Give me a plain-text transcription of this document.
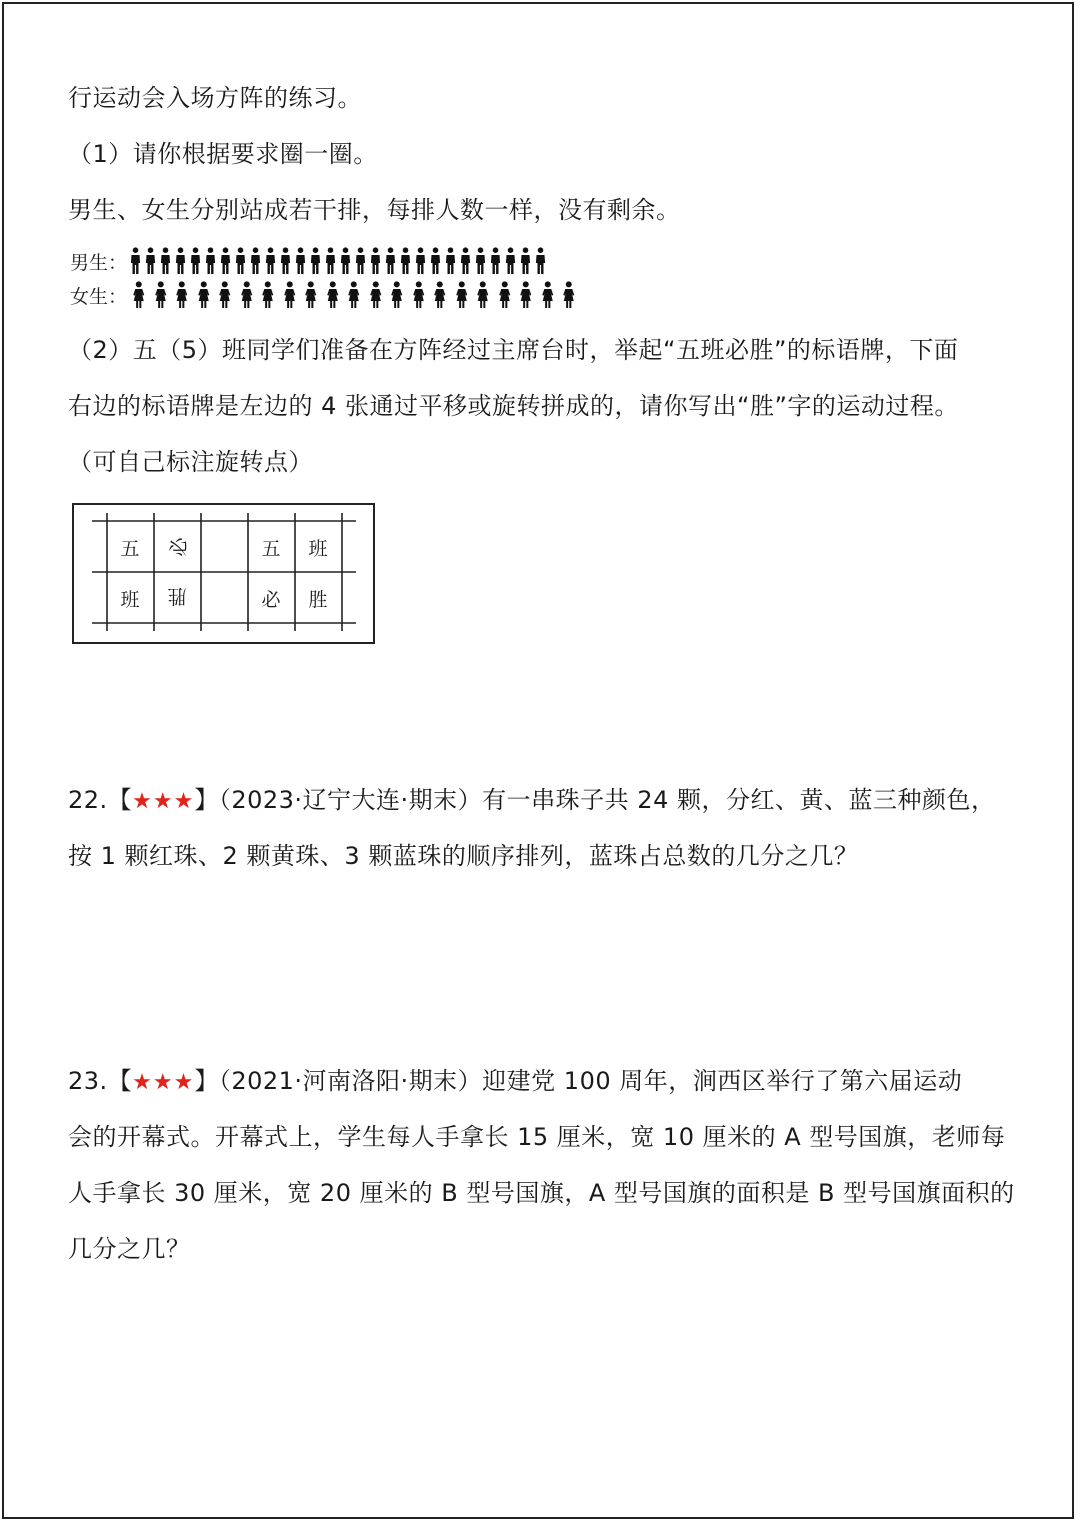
行运动会入场方阵的练习。
（1）请你根据要求圈一圈。
男生、女生分别站成若干排，每排人数一样，没有剩余。
男生：
女生：
（2）五（5）班同学们准备在方阵经过主席台时，举起“五班必胜”的标语牌，下面
右边的标语牌是左边的 4 张通过平移或旋转拼成的，请你写出“胜”字的运动过程。
（可自己标注旋转点）
五	必
班	胜
五	班
必	胜
22.【★★★】（2023·辽宁大连·期末）有一串珠子共 24 颗，分红、黄、蓝三种颜色，
按 1 颗红珠、2 颗黄珠、3 颗蓝珠的顺序排列，蓝珠占总数的几分之几？
23.【★★★】（2021·河南洛阳·期末）迎建党 100 周年，涧西区举行了第六届运动
会的开幕式。开幕式上，学生每人手拿长 15 厘米，宽 10 厘米的 A 型号国旗，老师每
人手拿长 30 厘米，宽 20 厘米的 B 型号国旗，A 型号国旗的面积是 B 型号国旗面积的
几分之几？
